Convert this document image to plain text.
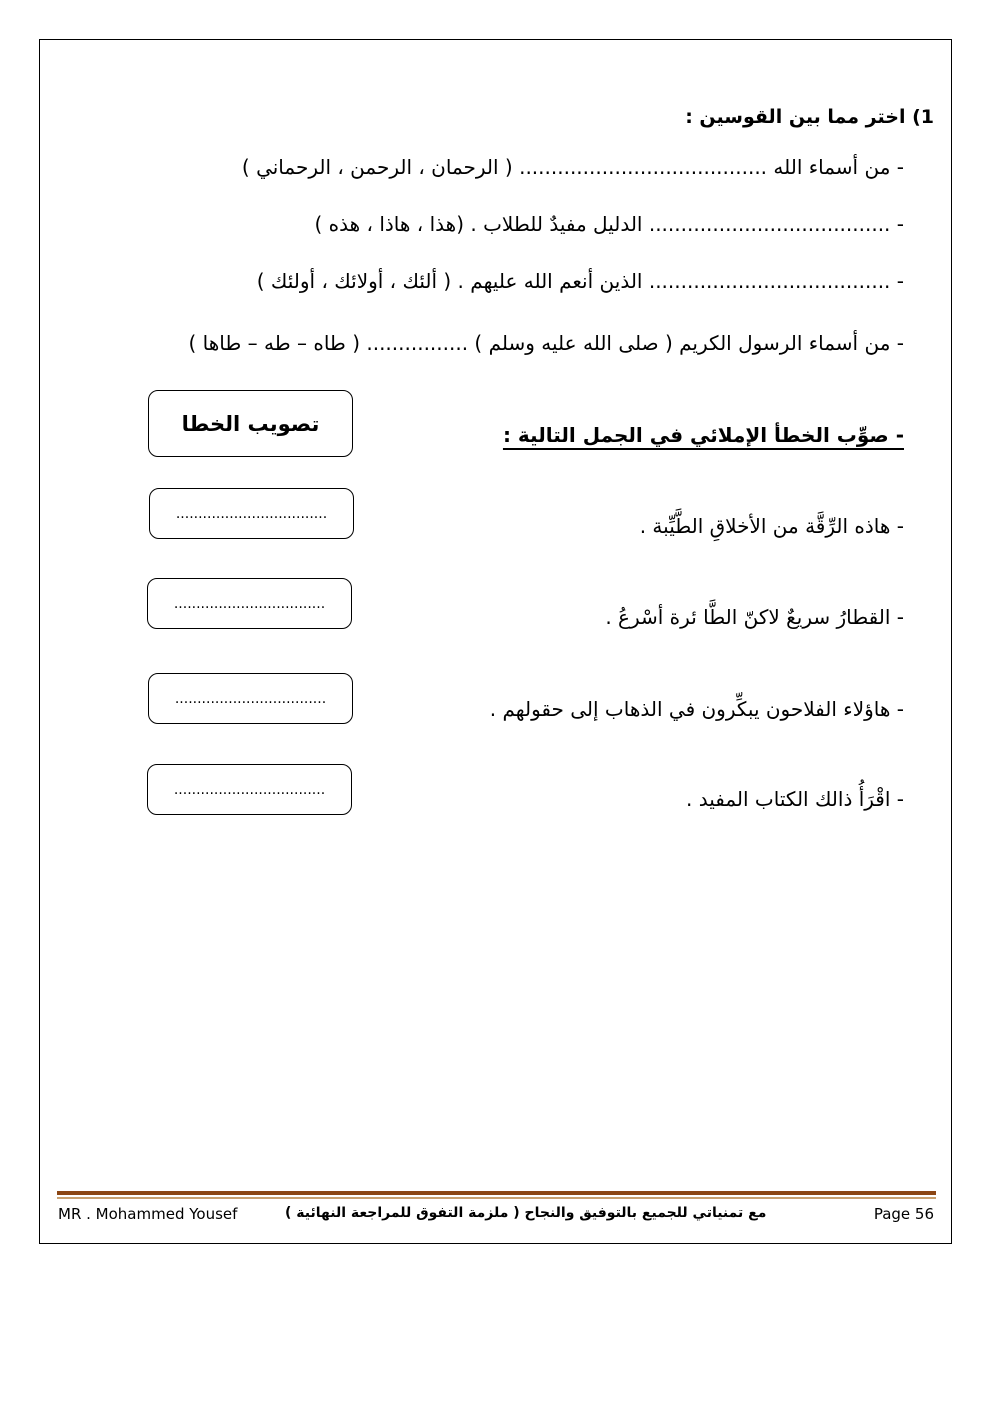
1) اختر مما بين القوسين :
- من أسماء الله ....................................... ( الرحمان ، الرحمن ، الرحماني )
- ...................................... الدليل مفيدٌ للطلاب . (هذا ، هاذا ، هذه )
- ...................................... الذين أنعم الله عليهم . ( ألئك ، أولائك ، أولئك )
- من أسماء الرسول الكريم ( صلى الله عليه وسلم ) ................ ( طاه – طه – طاها )
تصويب الخطا	- صوِّب الخطأ الإملائي في الجمل التالية :
- هاذه الرِّقَّة من الأخلاقِ الطَّيِّبة .
..................................
- القطارُ سريعٌ لاكنّ الطَّا ئرة أسْرعُ .
..................................
- هاؤلاء الفلاحون يبكِّرون في الذهاب إلى حقولهم .
..................................
- اقْرَأُ ذالك الكتاب المفيد .
..................................
MR . Mohammed Yousef	مع تمنياتي للجميع بالتوفيق والنجاح ( ملزمة التفوق للمراجعة النهائية )	Page 56
